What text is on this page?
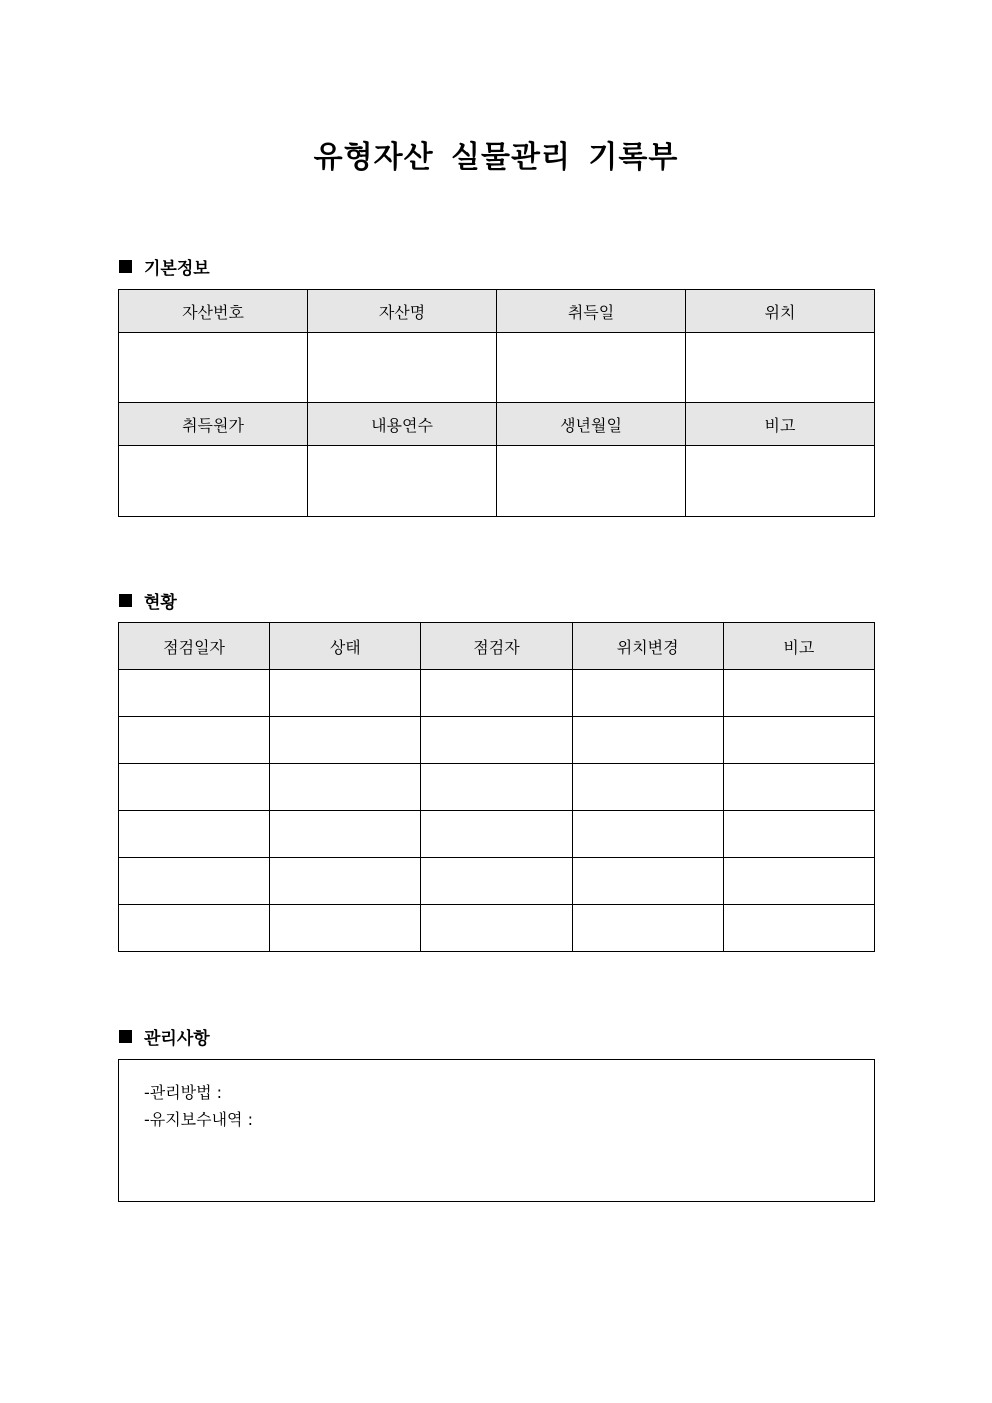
유형자산 실물관리 기록부
기본정보
자산번호	자산명	취득일	위치

취득원가	내용연수	생년월일	비고

현황
점검일자	상태	점검자	위치변경	비고

관리사항
-관리방법 :
-유지보수내역 :
